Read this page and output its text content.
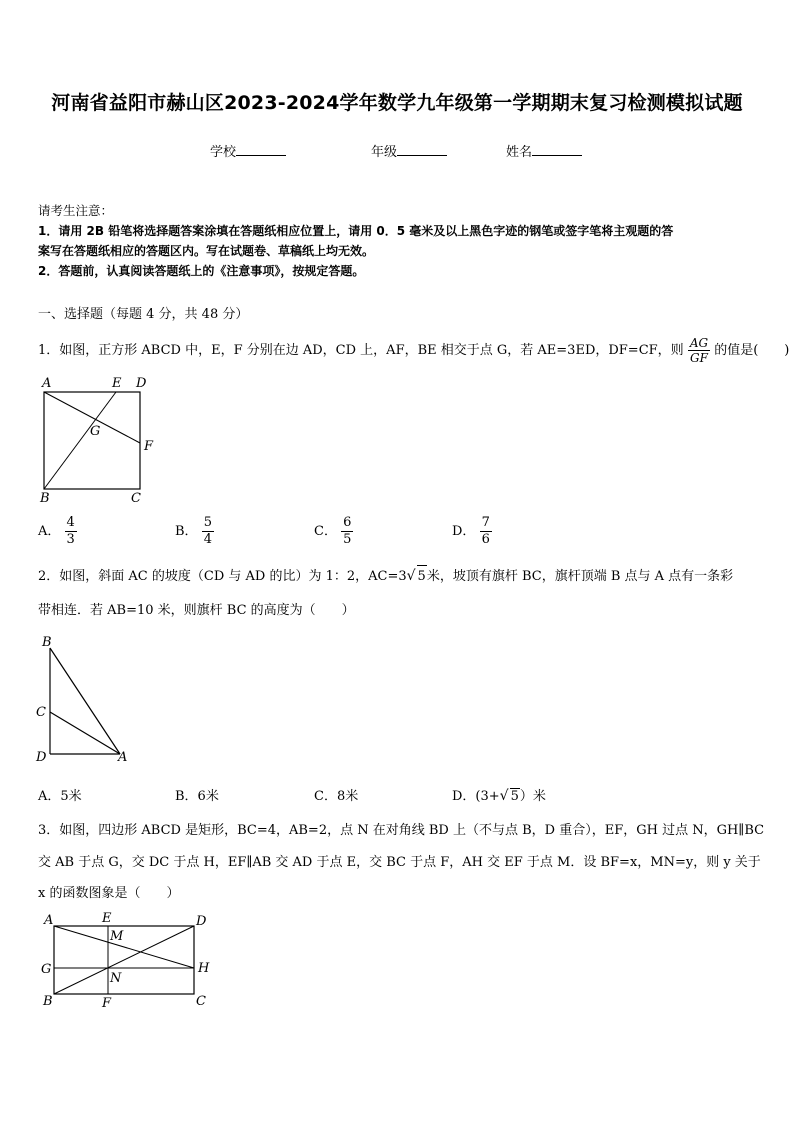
河南省益阳市赫山区2023-2024学年数学九年级第一学期期末复习检测模拟试题
学校	年级	姓名
请考生注意：
1．请用 2B 铅笔将选择题答案涂填在答题纸相应位置上，请用 0．5 毫米及以上黑色字迹的钢笔或签字笔将主观题的答
案写在答题纸相应的答题区内。写在试题卷、草稿纸上均无效。
2．答题前，认真阅读答题纸上的《注意事项》，按规定答题。
一、选择题（每题 4 分，共 48 分）
1．如图，正方形 ABCD 中，E，F 分别在边 AD，CD 上，AF，BE 相交于点 G，若 AE=3ED，DF=CF，则 $\frac{AG}{GF}$ 的值是(　　)
A	E D
G
F
B	C
A． $\frac{4}{3}$	B． $\frac{5}{4}$	C． $\frac{6}{5}$	D． $\frac{7}{6}$
2．如图，斜面 AC 的坡度（CD 与 AD 的比）为 1：2，AC=3√ 5米，坡顶有旗杆 BC，旗杆顶端 B 点与 A 点有一条彩
带相连．若 AB=10 米，则旗杆 BC 的高度为（　　）
B
C
D	A
A．5米	B．6米	C．8米	D．(3+√ 5）米
3．如图，四边形 ABCD 是矩形，BC=4，AB=2，点 N 在对角线 BD 上（不与点 B，D 重合），EF，GH 过点 N，GH∥BC
交 AB 于点 G，交 DC 于点 H，EF∥AB 交 AD 于点 E，交 BC 于点 F，AH 交 EF 于点 M．设 BF=x，MN=y，则 y 关于
x 的函数图象是（　　）
A	E	D
M
G	H
N
B	F	C
